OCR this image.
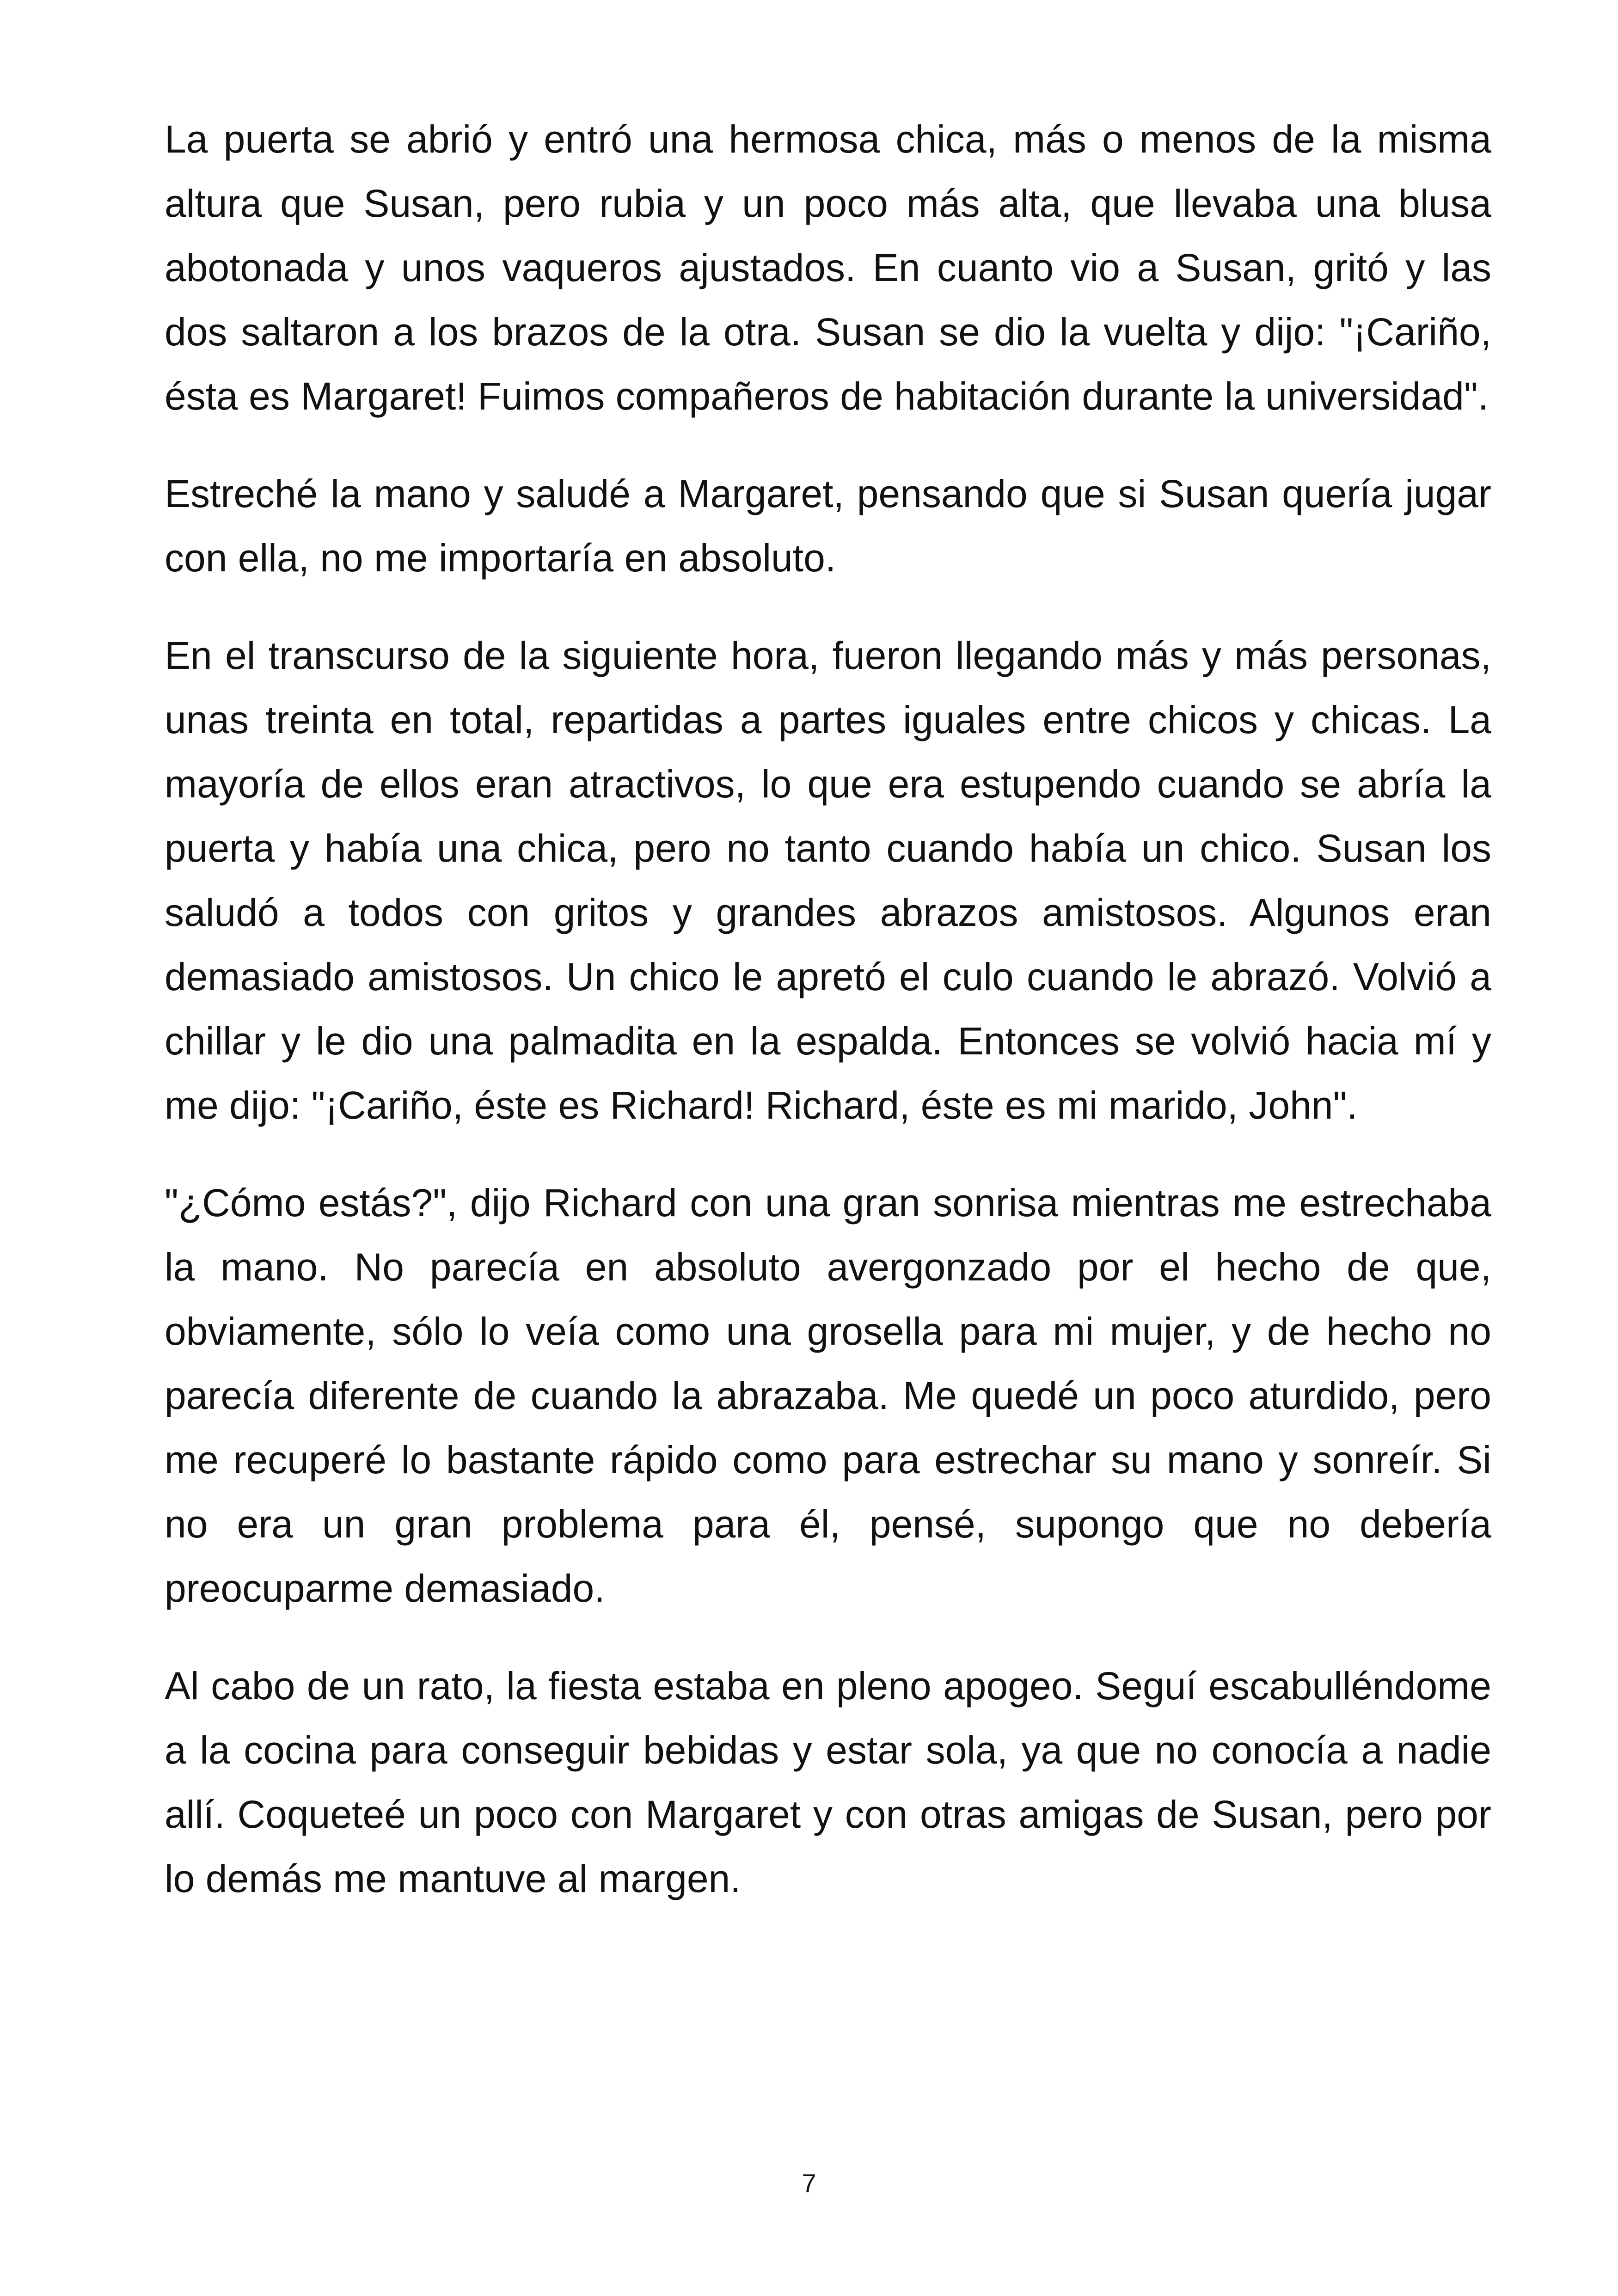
La puerta se abrió y entró una hermosa chica, más o menos de la misma altura que Susan, pero rubia y un poco más alta, que llevaba una blusa abotonada y unos vaqueros ajustados. En cuanto vio a Susan, gritó y las dos saltaron a los brazos de la otra. Susan se dio la vuelta y dijo: "¡Cariño, ésta es Margaret! Fuimos compañeros de habitación durante la universidad".

Estreché la mano y saludé a Margaret, pensando que si Susan quería jugar con ella, no me importaría en absoluto.

En el transcurso de la siguiente hora, fueron llegando más y más personas, unas treinta en total, repartidas a partes iguales entre chicos y chicas. La mayoría de ellos eran atractivos, lo que era estupendo cuando se abría la puerta y había una chica, pero no tanto cuando había un chico. Susan los saludó a todos con gritos y grandes abrazos amistosos. Algunos eran demasiado amistosos. Un chico le apretó el culo cuando le abrazó. Volvió a chillar y le dio una palmadita en la espalda. Entonces se volvió hacia mí y me dijo: "¡Cariño, éste es Richard! Richard, éste es mi marido, John".

"¿Cómo estás?", dijo Richard con una gran sonrisa mientras me estrechaba la mano. No parecía en absoluto avergonzado por el hecho de que, obviamente, sólo lo veía como una grosella para mi mujer, y de hecho no parecía diferente de cuando la abrazaba. Me quedé un poco aturdido, pero me recuperé lo bastante rápido como para estrechar su mano y sonreír. Si no era un gran problema para él, pensé, supongo que no debería preocuparme demasiado.

Al cabo de un rato, la fiesta estaba en pleno apogeo. Seguí escabulléndome a la cocina para conseguir bebidas y estar sola, ya que no conocía a nadie allí. Coqueteé un poco con Margaret y con otras amigas de Susan, pero por lo demás me mantuve al margen.

7
